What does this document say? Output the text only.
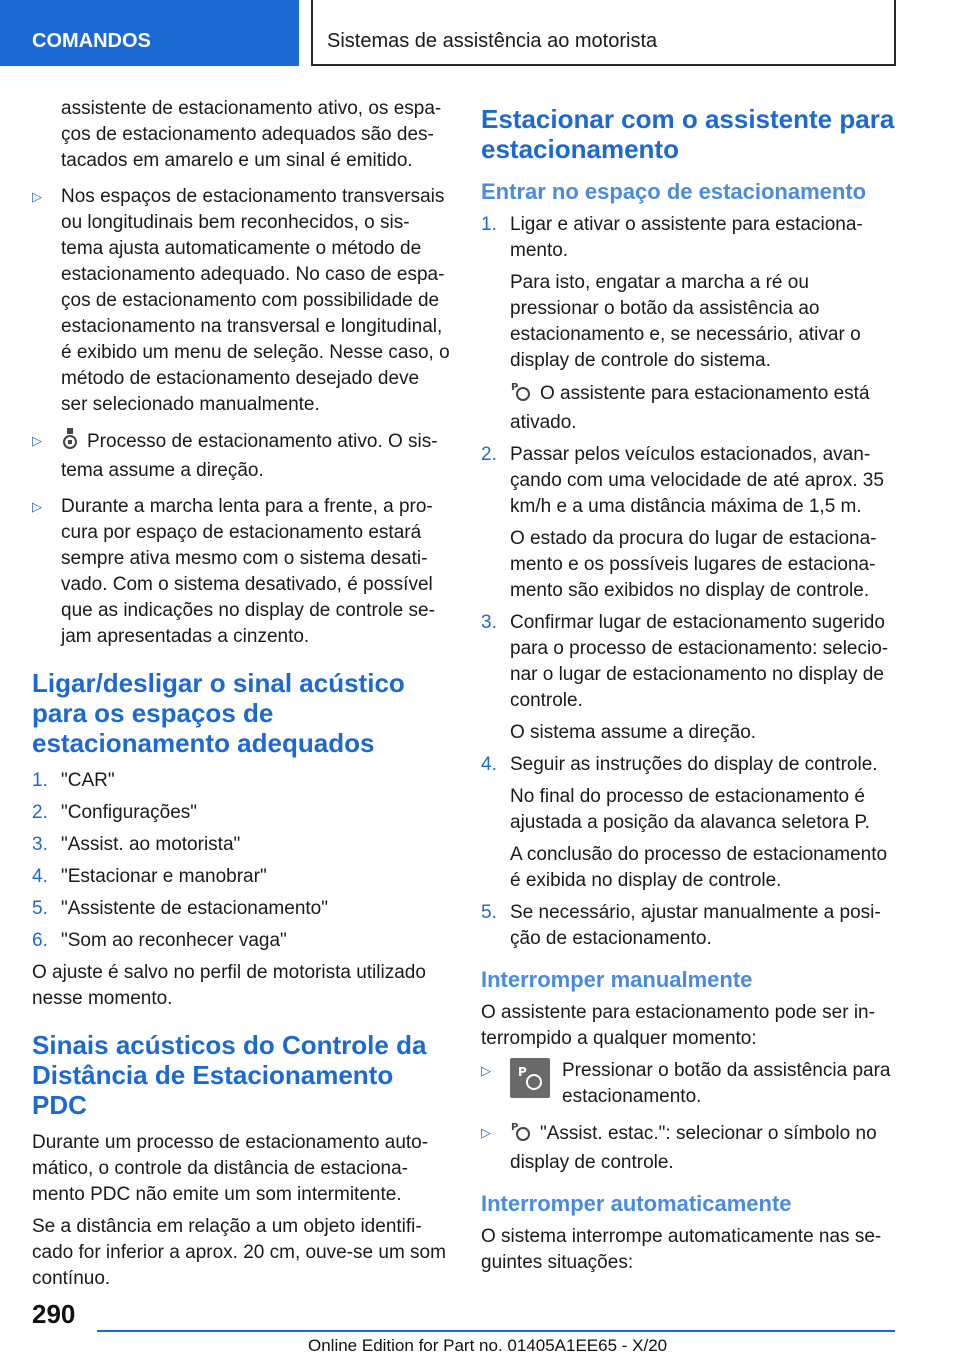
COMANDOS	Sistemas de assistência ao motorista
assistente de estacionamento ativo, os espa-ços de estacionamento adequados são des-tacados em amarelo e um sinal é emitido.
▷ Nos espaços de estacionamento transversais ou longitudinais bem reconhecidos, o sis-tema ajusta automaticamente o método de estacionamento adequado. No caso de espa-ços de estacionamento com possibilidade de estacionamento na transversal e longitudinal, é exibido um menu de seleção. Nesse caso, o método de estacionamento desejado deve ser selecionado manualmente.
▷ Processo de estacionamento ativo. O sis-tema assume a direção.
▷ Durante a marcha lenta para a frente, a pro-cura por espaço de estacionamento estará sempre ativa mesmo com o sistema desati-vado. Com o sistema desativado, é possível que as indicações no display de controle se-jam apresentadas a cinzento.
Ligar/desligar o sinal acústico para os espaços de estacionamento adequados
1. "CAR"
2. "Configurações"
3. "Assist. ao motorista"
4. "Estacionar e manobrar"
5. "Assistente de estacionamento"
6. "Som ao reconhecer vaga"

O ajuste é salvo no perfil de motorista utilizado nesse momento.

Sinais acústicos do Controle da Distância de Estacionamento PDC

Durante um processo de estacionamento auto-mático, o controle da distância de estaciona-mento PDC não emite um som intermitente.

Se a distância em relação a um objeto identifi-cado for inferior a aprox. 20 cm, ouve-se um som contínuo.

Estacionar com o assistente para estacionamento
Entrar no espaço de estacionamento
1. Ligar e ativar o assistente para estaciona-mento.
Para isto, engatar a marcha a ré ou pressionar o botão da assistência ao estacionamento e, se necessário, ativar o display de controle do sistema.
P O assistente para estacionamento está ativado.
2. Passar pelos veículos estacionados, avan-çando com uma velocidade de até aprox. 35 km/h e a uma distância máxima de 1,5 m.
O estado da procura do lugar de estaciona-mento e os possíveis lugares de estaciona-mento são exibidos no display de controle.
3. Confirmar lugar de estacionamento sugerido para o processo de estacionamento: selecio-nar o lugar de estacionamento no display de controle.
O sistema assume a direção.
4. Seguir as instruções do display de controle.
No final do processo de estacionamento é ajustada a posição da alavanca seletora P.
A conclusão do processo de estacionamento é exibida no display de controle.
5. Se necessário, ajustar manualmente a posi-ção de estacionamento.
Interromper manualmente

O assistente para estacionamento pode ser in-terrompido a qualquer momento:

▷ P Pressionar o botão da assistência para estacionamento.
▷ P "Assist. estac.": selecionar o símbolo no display de controle.
Interromper automaticamente

O sistema interrompe automaticamente nas se-guintes situações:

290
Online Edition for Part no. 01405A1EE65 - X/20
